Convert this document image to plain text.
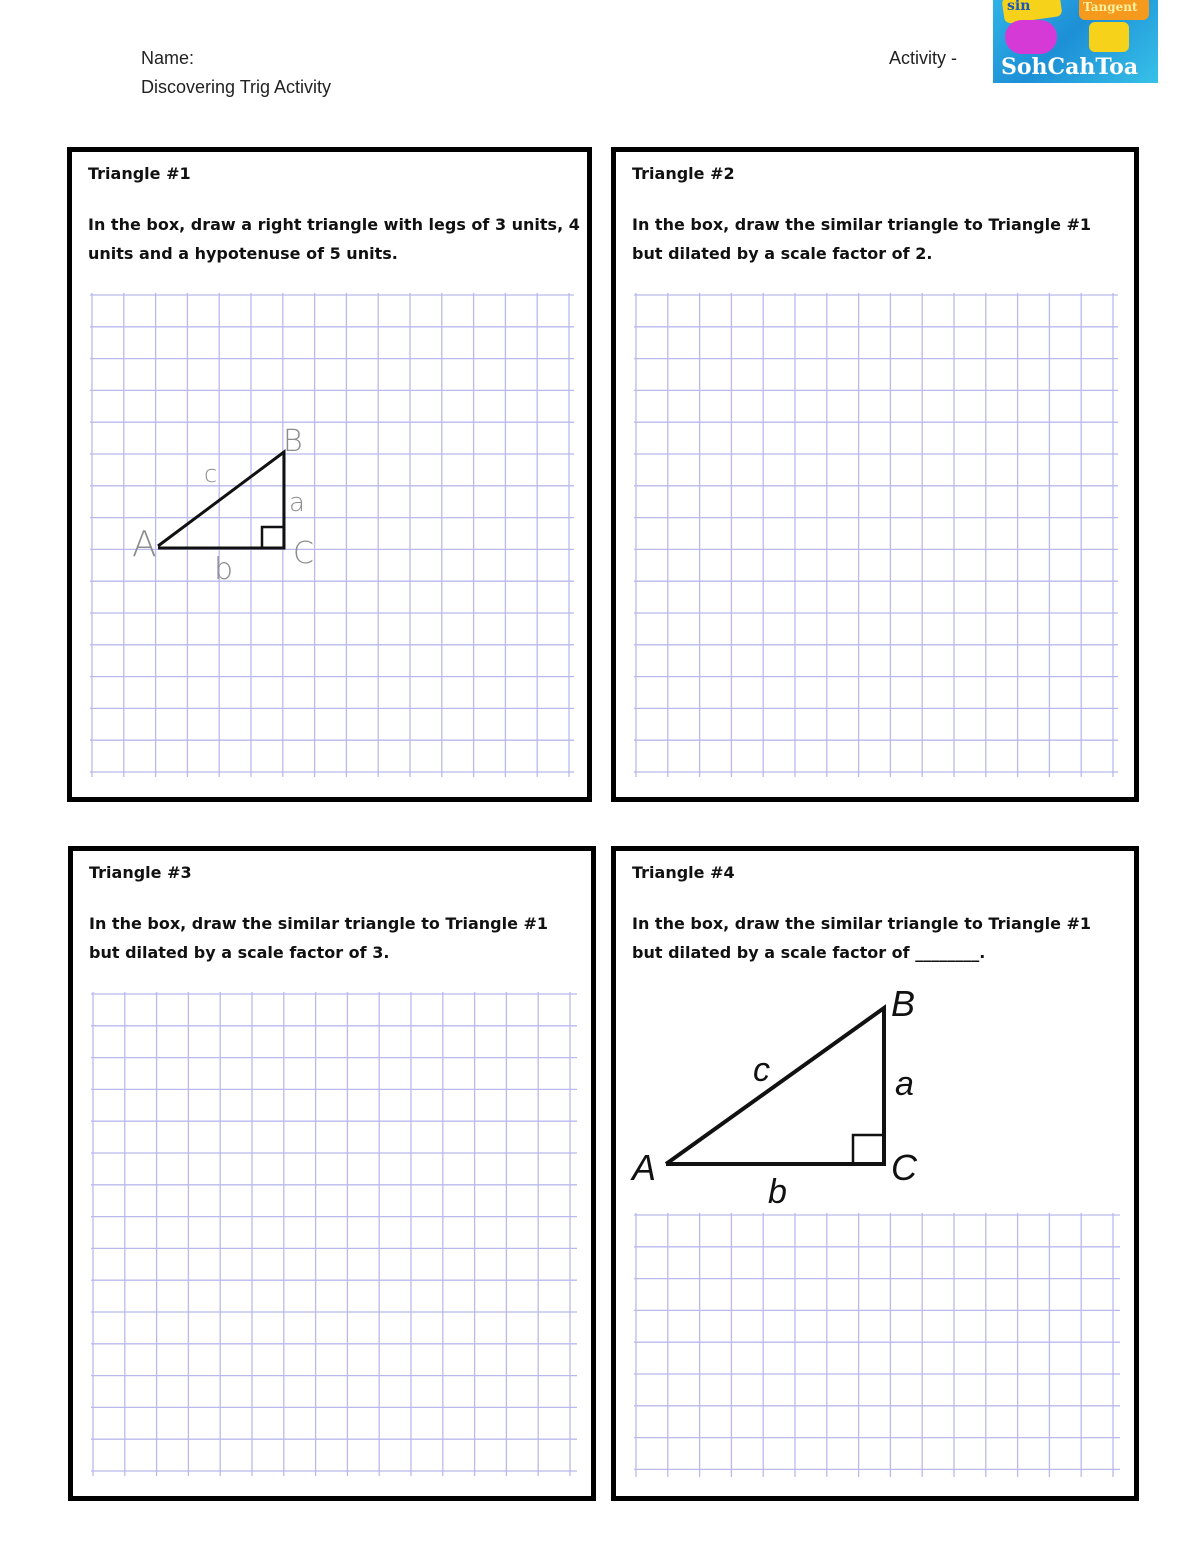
Name:
Discovering Trig Activity
Activity -
sin	Tangent
SohCahToa
Triangle #1
In the box, draw a right triangle with legs of 3 units, 4 units and a hypotenuse of 5 units.
A
B
C
a
b
c
Triangle #2
In the box, draw the similar triangle to Triangle #1 but dilated by a scale factor of 2.
Triangle #3
In the box, draw the similar triangle to Triangle #1 but dilated by a scale factor of 3.
Triangle #4
In the box, draw the similar triangle to Triangle #1 but dilated by a scale factor of ________.
A
B
C
a
b
c
